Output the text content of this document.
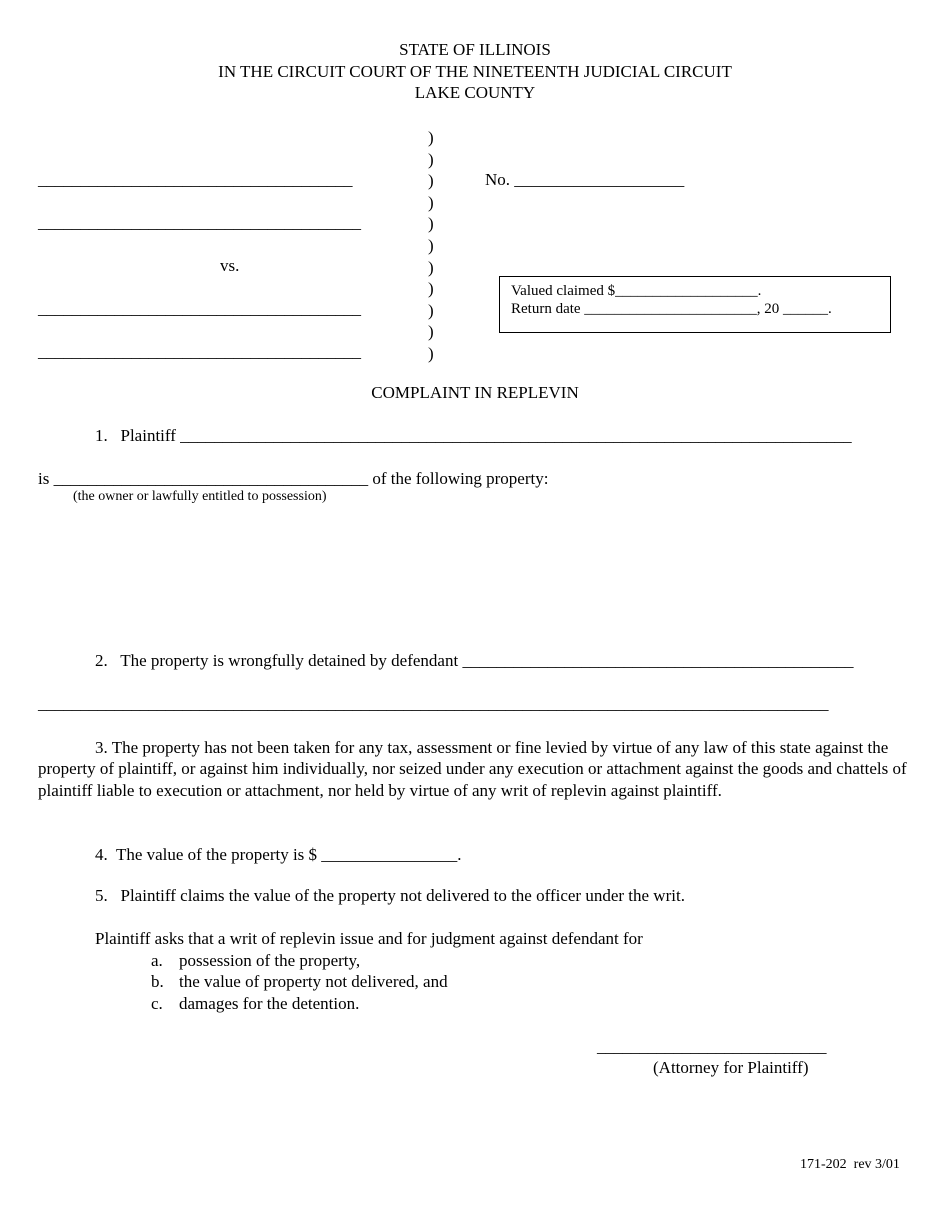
STATE OF ILLINOIS
IN THE CIRCUIT COURT OF THE NINETEENTH JUDICIAL CIRCUIT
LAKE COUNTY
_____________________________________
______________________________________
vs.
______________________________________
______________________________________
)
)
)
)
)
)
)
)
)
)
)
No. ____________________
Valued claimed $___________________.
Return date _______________________, 20 ______.
COMPLAINT IN REPLEVIN
1.   Plaintiff _______________________________________________________________________________
is _____________________________________ of the following property:
(the owner or lawfully entitled to possession)
2.   The property is wrongfully detained by defendant ______________________________________________
_____________________________________________________________________________________________
3. The property has not been taken for any tax, assessment or fine levied by virtue of any law of this state against the property of plaintiff, or against him individually, nor seized under any execution or attachment against the goods and chattels of plaintiff liable to execution or attachment, nor held by virtue of any writ of replevin against plaintiff.
4.  The value of the property is $ ________________.
5.   Plaintiff claims the value of the property not delivered to the officer under the writ.
Plaintiff asks that a writ of replevin issue and for judgment against defendant for
a. possession of the property,
b. the value of property not delivered, and
c. damages for the detention.
___________________________
(Attorney for Plaintiff)
171-202  rev 3/01
